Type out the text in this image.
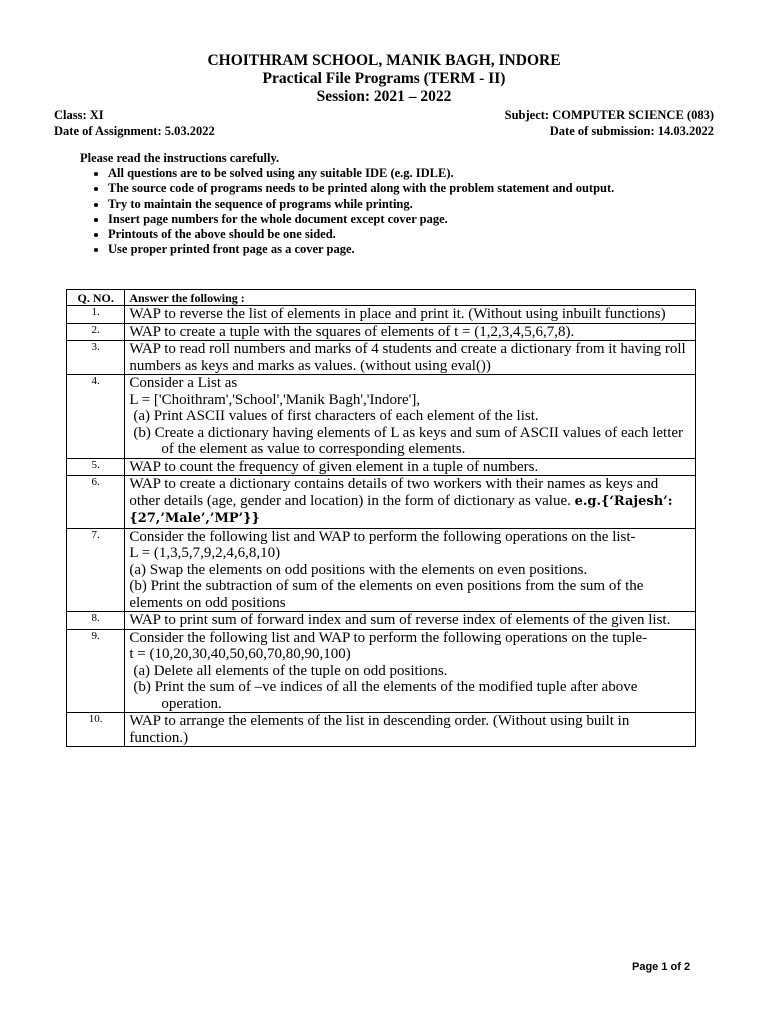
CHOITHRAM SCHOOL, MANIK BAGH, INDORE
Practical File Programs (TERM - II)
Session: 2021 – 2022
Class: XI	Subject: COMPUTER SCIENCE (083)
Date of Assignment: 5.03.2022	Date of submission: 14.03.2022
Please read the instructions carefully.
• All questions are to be solved using any suitable IDE (e.g. IDLE).
• The source code of programs needs to be printed along with the problem statement and output.
• Try to maintain the sequence of programs while printing.
• Insert page numbers for the whole document except cover page.
• Printouts of the above should be one sided.
• Use proper printed front page as a cover page.
Q. NO.	Answer the following :
1.	WAP to reverse the list of elements in place and print it. (Without using inbuilt functions)
2.	WAP to create a tuple with the squares of elements of t = (1,2,3,4,5,6,7,8).
3.	WAP to read roll numbers and marks of 4 students and create a dictionary from it having roll numbers as keys and marks as values. (without using eval())
4.	Consider a List as
L = ['Choithram','School','Manik Bagh','Indore'],
(a) Print ASCII values of first characters of each element of the list.
(b) Create a dictionary having elements of L as keys and sum of ASCII values of each letter of the element as value to corresponding elements.

5.	WAP to count the frequency of given element in a tuple of numbers.
6.	WAP to create a dictionary contains details of two workers with their names as keys and other details (age, gender and location) in the form of dictionary as value. e.g.{‘Rajesh’:{27,’Male’,’MP’}}
7.	Consider the following list and WAP to perform the following operations on the list-
L = (1,3,5,7,9,2,4,6,8,10)
(a) Swap the elements on odd positions with the elements on even positions.
(b) Print the subtraction of sum of the elements on even positions from the sum of the elements on odd positions

8.	WAP to print sum of forward index and sum of reverse index of elements of the given list.
9.	Consider the following list and WAP to perform the following operations on the tuple-
t = (10,20,30,40,50,60,70,80,90,100)
(a) Delete all elements of the tuple on odd positions.
(b) Print the sum of –ve indices of all the elements of the modified tuple after above operation.

10.	WAP to arrange the elements of the list in descending order. (Without using built in function.)
Page 1 of 2
